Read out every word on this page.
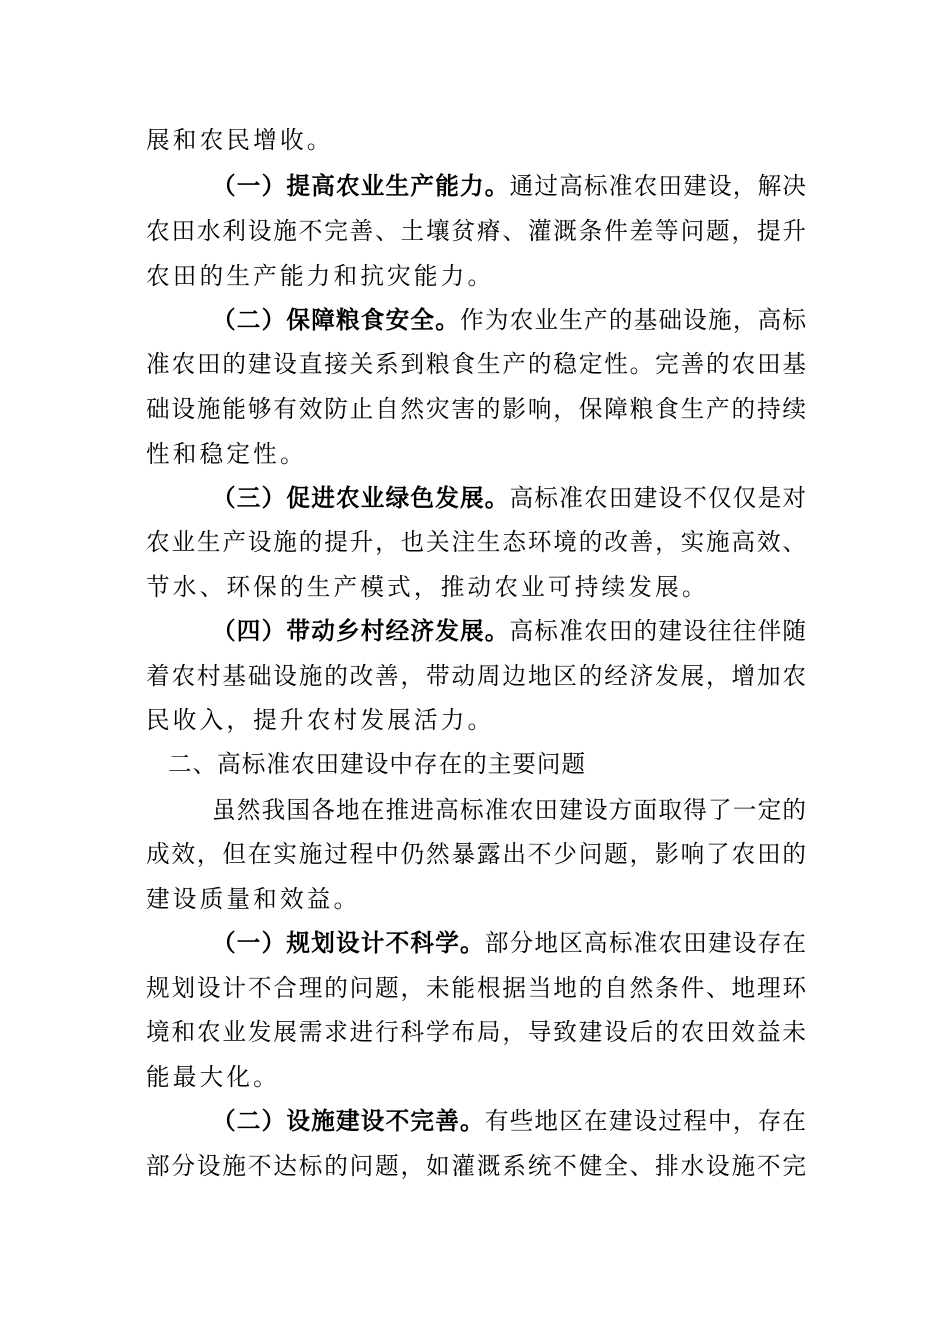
展和农民增收。
（一）提高农业生产能力。通过高标准农田建设，解决
农田水利设施不完善、土壤贫瘠、灌溉条件差等问题，提升
农田的生产能力和抗灾能力。
（二）保障粮食安全。作为农业生产的基础设施，高标
准农田的建设直接关系到粮食生产的稳定性。完善的农田基
础设施能够有效防止自然灾害的影响，保障粮食生产的持续
性和稳定性。
（三）促进农业绿色发展。高标准农田建设不仅仅是对
农业生产设施的提升，也关注生态环境的改善，实施高效、
节水、环保的生产模式，推动农业可持续发展。
（四）带动乡村经济发展。高标准农田的建设往往伴随
着农村基础设施的改善，带动周边地区的经济发展，增加农
民收入，提升农村发展活力。
二、高标准农田建设中存在的主要问题
虽然我国各地在推进高标准农田建设方面取得了一定的
成效，但在实施过程中仍然暴露出不少问题，影响了农田的
建设质量和效益。
（一）规划设计不科学。部分地区高标准农田建设存在
规划设计不合理的问题，未能根据当地的自然条件、地理环
境和农业发展需求进行科学布局，导致建设后的农田效益未
能最大化。
（二）设施建设不完善。有些地区在建设过程中，存在
部分设施不达标的问题，如灌溉系统不健全、排水设施不完
